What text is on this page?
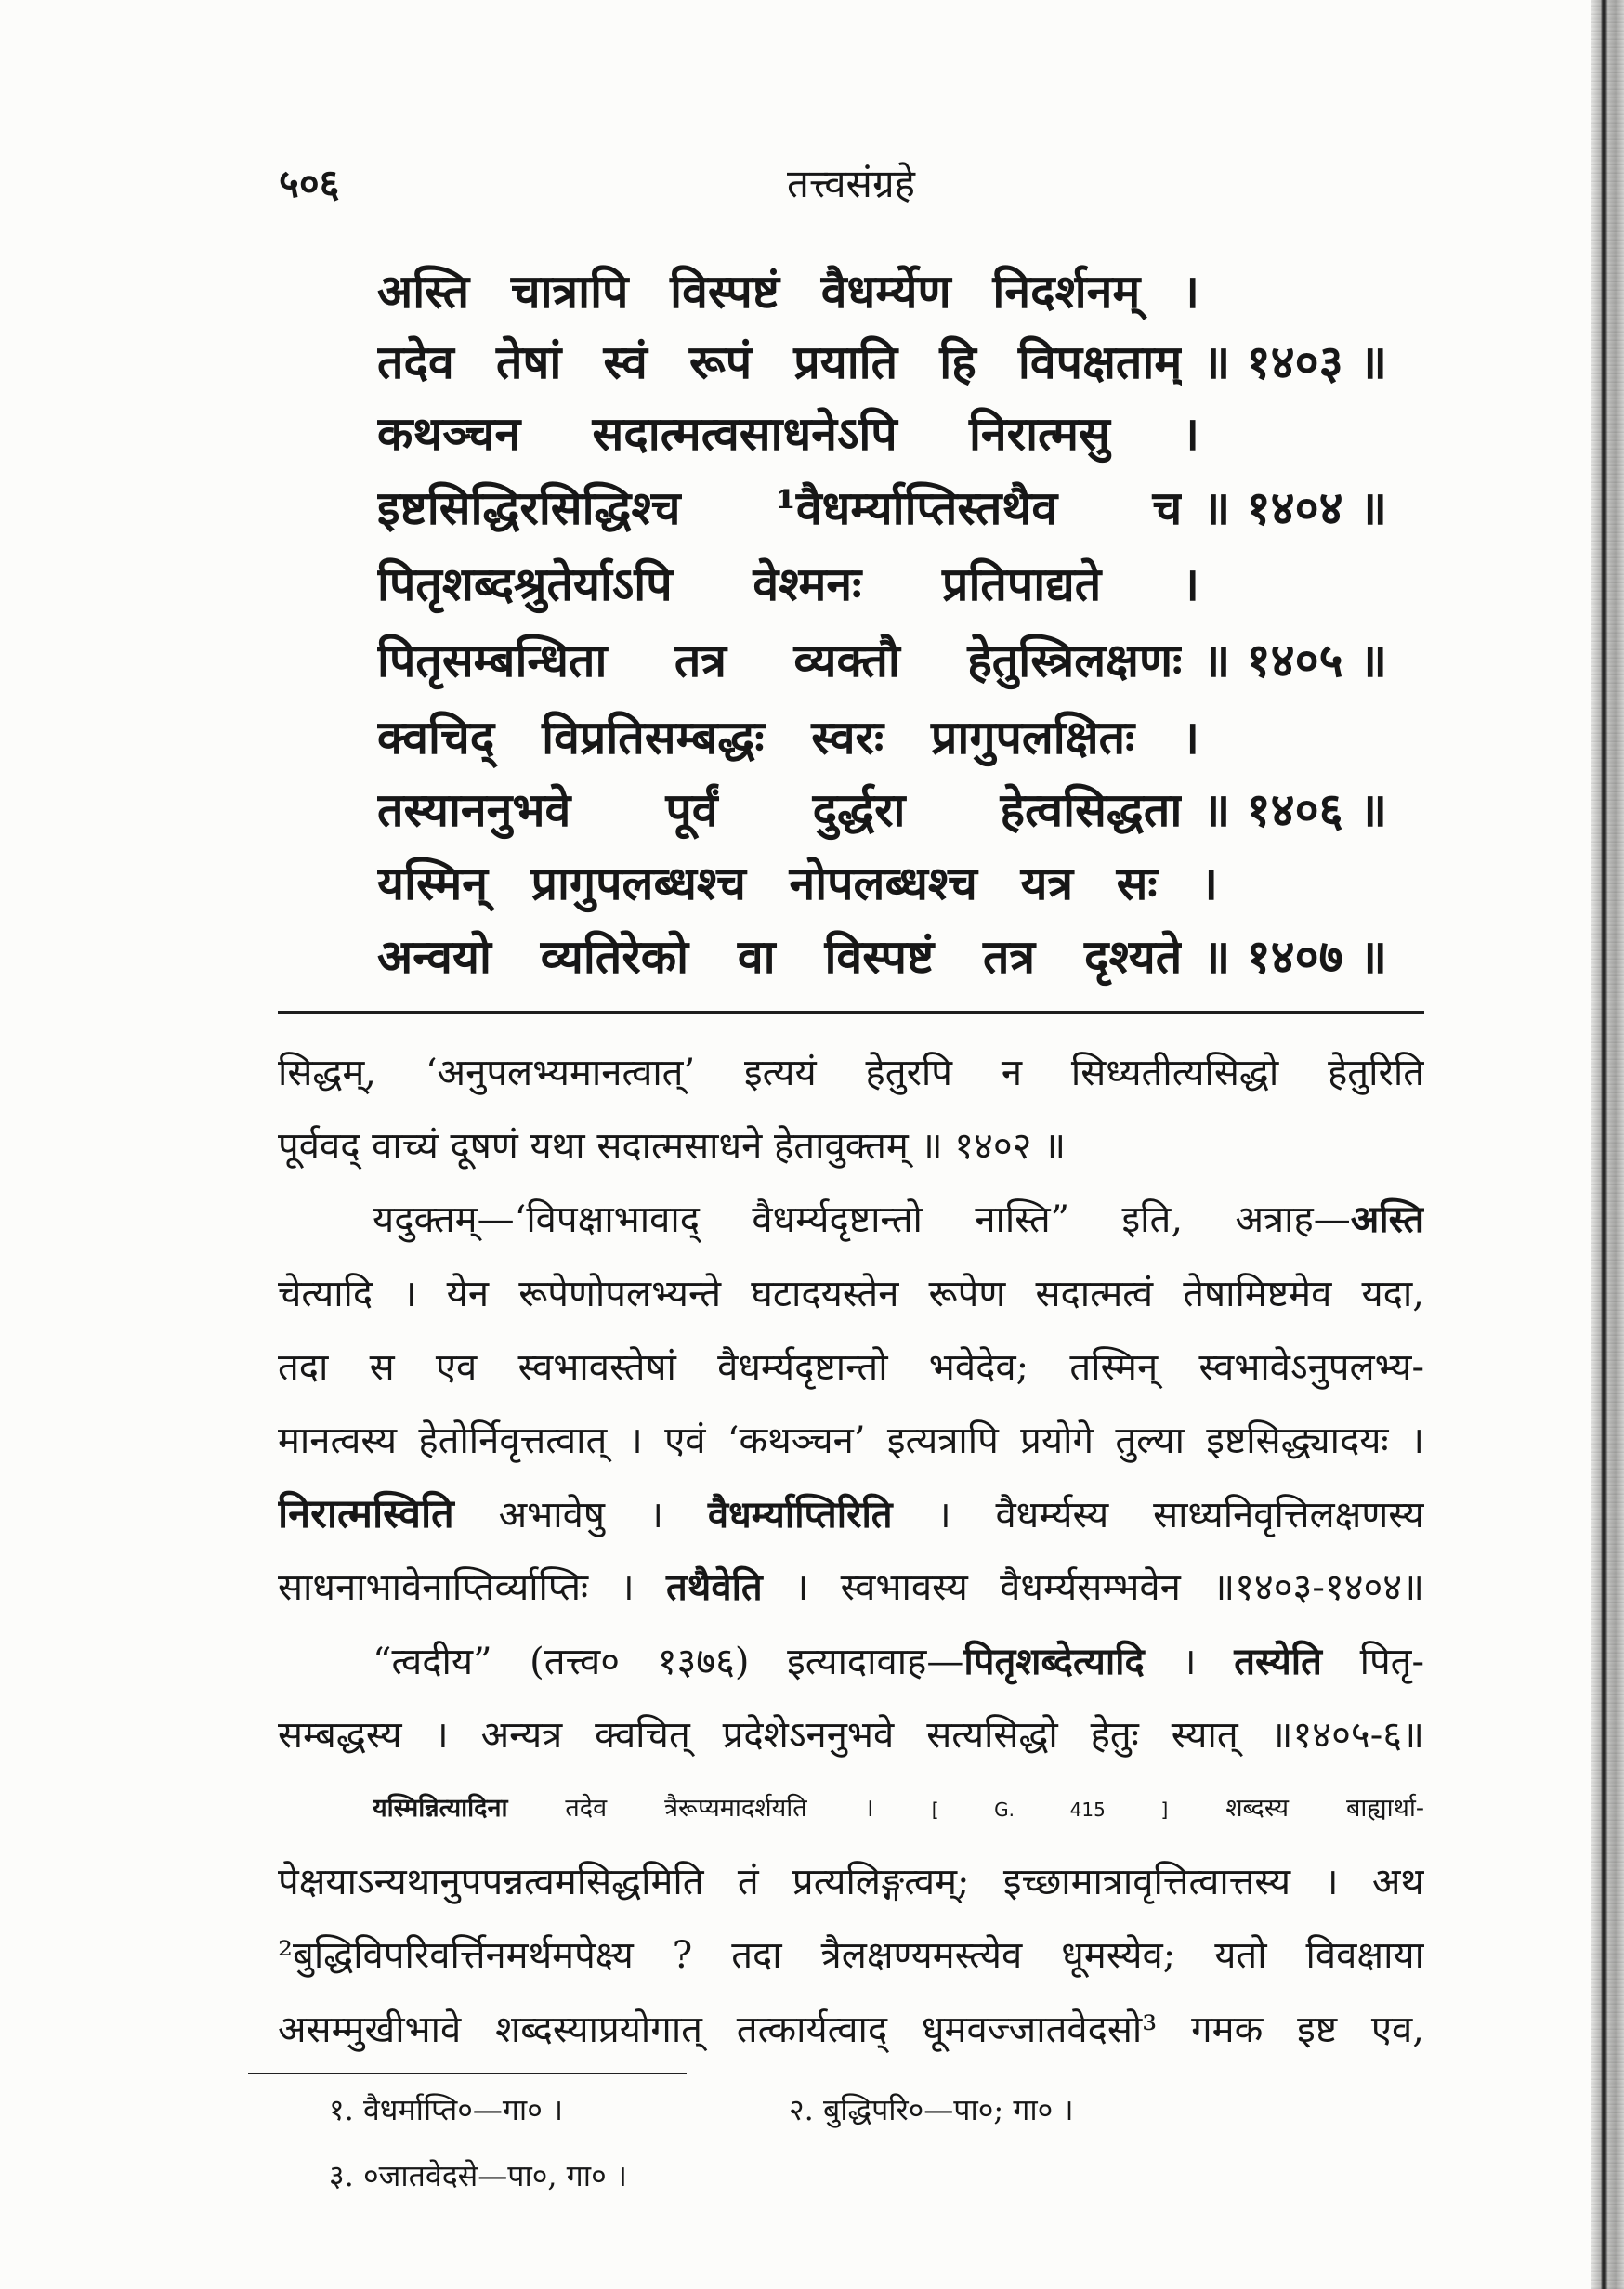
५०६	तत्त्वसंग्रहे
अस्ति चात्रापि विस्पष्टं वैधर्म्येण निदर्शनम् ।
तदेव तेषां स्वं रूपं प्रयाति हि विपक्षताम् ॥ १४०३ ॥
कथञ्चन सदात्मत्वसाधनेऽपि निरात्मसु ।
इष्टसिद्धिरसिद्धिश्च ¹वैधर्म्याप्तिस्तथैव च ॥ १४०४ ॥
पितृशब्दश्रुतेर्याऽपि वेश्मनः प्रतिपाद्यते ।
पितृसम्बन्धिता तत्र व्यक्तौ हेतुस्त्रिलक्षणः ॥ १४०५ ॥
क्वचिद् विप्रतिसम्बद्धः स्वरः प्रागुपलक्षितः ।
तस्याननुभवे पूर्वं दुर्द्धरा हेत्वसिद्धता ॥ १४०६ ॥
यस्मिन् प्रागुपलब्धश्च नोपलब्धश्च यत्र सः ।
अन्वयो व्यतिरेको वा विस्पष्टं तत्र दृश्यते ॥ १४०७ ॥
सिद्धम्, ‘अनुपलभ्यमानत्वात्’ इत्ययं हेतुरपि न सिध्यतीत्यसिद्धो हेतुरिति
पूर्ववद् वाच्यं दूषणं यथा सदात्मसाधने हेतावुक्तम् ॥ १४०२ ॥
यदुक्तम्—‘विपक्षाभावाद् वैधर्म्यदृष्टान्तो नास्ति” इति, अत्राह—अस्ति
चेत्यादि । येन रूपेणोपलभ्यन्ते घटादयस्तेन रूपेण सदात्मत्वं तेषामिष्टमेव यदा,
तदा स एव स्वभावस्तेषां वैधर्म्यदृष्टान्तो भवेदेव; तस्मिन् स्वभावेऽनुपलभ्य-
मानत्वस्य हेतोर्निवृत्तत्वात् । एवं ‘कथञ्चन’ इत्यत्रापि प्रयोगे तुल्या इष्टसिद्ध्यादयः ।
निरात्मस्विति अभावेषु । वैधर्म्याप्तिरिति । वैधर्म्यस्य साध्यनिवृत्तिलक्षणस्य
साधनाभावेनाप्तिर्व्याप्तिः । तथैवेति । स्वभावस्य वैधर्म्यसम्भवेन ॥१४०३-१४०४॥
“त्वदीय” (तत्त्व० १३७६) इत्यादावाह—पितृशब्देत्यादि । तस्येति पितृ-
सम्बद्धस्य । अन्यत्र क्वचित् प्रदेशेऽननुभवे सत्यसिद्धो हेतुः स्यात् ॥१४०५-६॥
यस्मिन्नित्यादिना तदेव त्रैरूप्यमादर्शयति । [ G. 415 ] शब्दस्य बाह्यार्था-
पेक्षयाऽन्यथानुपपन्नत्वमसिद्धमिति तं प्रत्यलिङ्गत्वम्; इच्छामात्रावृत्तित्वात्तस्य । अथ
²बुद्धिविपरिवर्त्तिनमर्थमपेक्ष्य ? तदा त्रैलक्षण्यमस्त्येव धूमस्येव; यतो विवक्षाया
असम्मुखीभावे शब्दस्याप्रयोगात् तत्कार्यत्वाद् धूमवज्जातवेदसो³ गमक इष्ट एव,
१. वैधर्माप्ति०—गा० ।	२. बुद्धिपरि०—पा०; गा० ।
३. ०जातवेदसे—पा०, गा० ।
